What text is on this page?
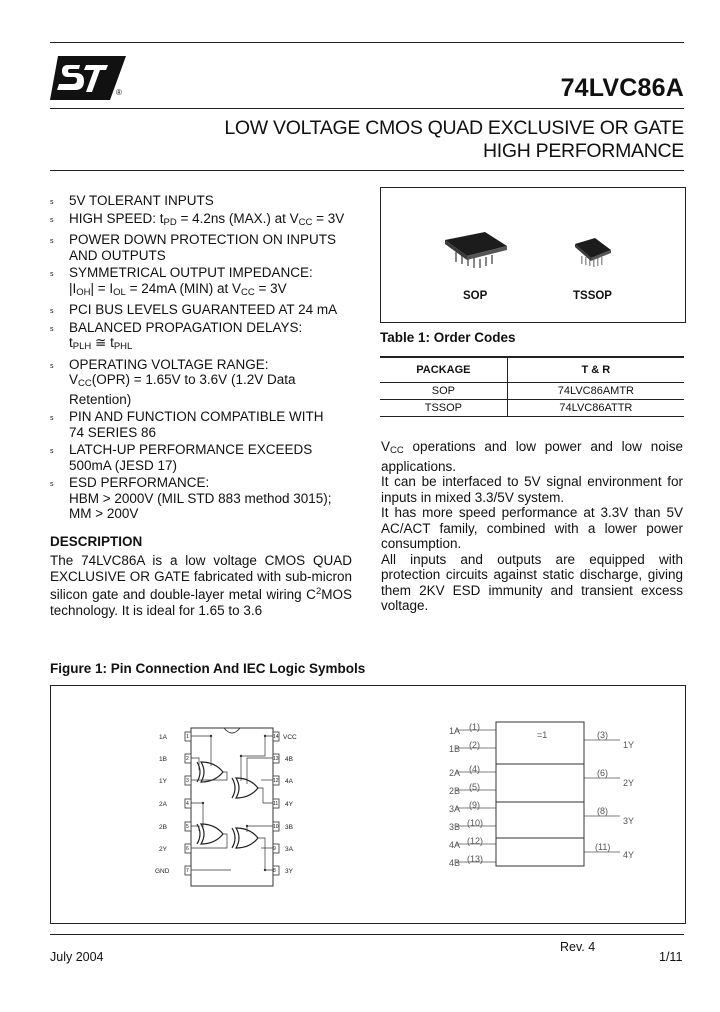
®	74LVC86A
LOW VOLTAGE CMOS QUAD EXCLUSIVE OR GATE
HIGH PERFORMANCE
s 5V TOLERANT INPUTS
s HIGH SPEED: $t_{PD} = 4.2ns$ (MAX.) at $V_{CC} = 3V$
s POWER DOWN PROTECTION ON INPUTS
AND OUTPUTS
s SYMMETRICAL OUTPUT IMPEDANCE:
$|I_{OH}| = I_{OL} = 24mA$ (MIN) at $V_{CC} = 3V$
s PCI BUS LEVELS GUARANTEED AT 24 mA
s BALANCED PROPAGATION DELAYS:
$t_{PLH}$ ≅ $t_{PHL}$
s OPERATING VOLTAGE RANGE:
$V_{CC}(OPR) = 1.65V$ to 3.6V (1.2V Data
Retention)
s PIN AND FUNCTION COMPATIBLE WITH
74 SERIES 86
s LATCH-UP PERFORMANCE EXCEEDS
500mA (JESD 17)
s ESD PERFORMANCE:
HBM > 2000V (MIL STD 883 method 3015);
MM > 200V
DESCRIPTION
The 74LVC86A is a low voltage CMOS QUAD EXCLUSIVE OR GATE fabricated with sub-micron silicon gate and double-layer metal wiring $C^2MOS$ technology. It is ideal for 1.65 to 3.6
SOP	TSSOP
Table 1: Order Codes
PACKAGE	T & R
SOP	74LVC86AMTR
TSSOP	74LVC86ATTR

$V_{CC}$ operations and low power and low noise applications.

It can be interfaced to 5V signal environment for inputs in mixed 3.3/5V system.

It has more speed performance at 3.3V than 5V AC/ACT family, combined with a lower power consumption.

All inputs and outputs are equipped with protection circuits against static discharge, giving them 2KV ESD immunity and transient excess voltage.

Figure 1: Pin Connection And IEC Logic Symbols
1A
1B
1Y
2A
2B
2Y
GND
VCC
4B
4A
4Y
3B
3A
3Y
1
2
3
4
5
6
7
14
13
12
11
10
9
8
=1
1A
1B
2A
2B
3A
3B
4A
4B
(1)
(2)
(4)
(5)
(9)
(10)
(12)
(13)
(3)
(6)
(8)
(11)
1Y
2Y
3Y
4Y
July 2004
Rev. 4
1/11
